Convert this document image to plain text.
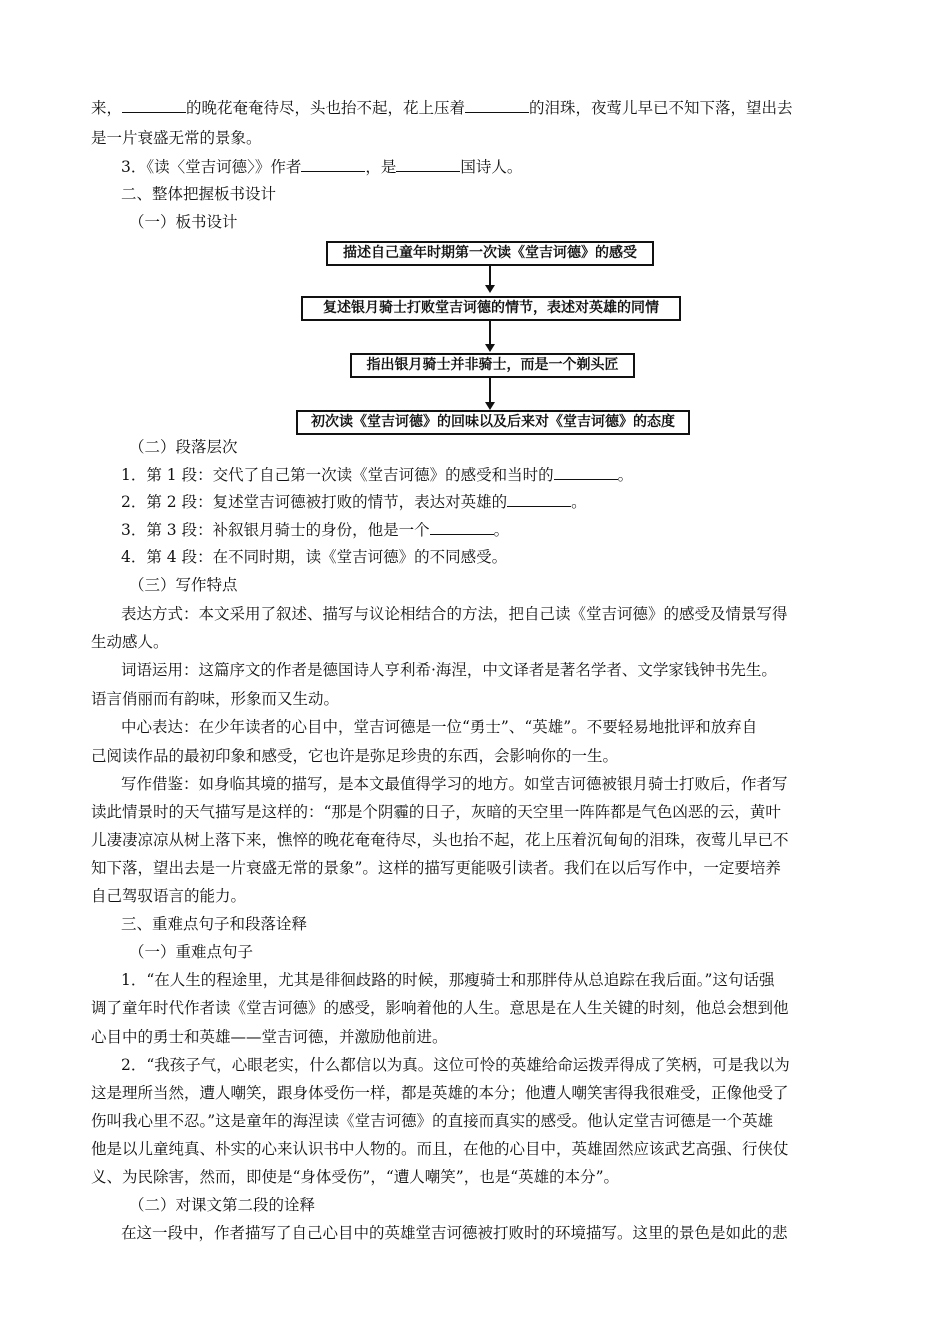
来，	的晚花奄奄待尽，头也抬不起，花上压着	的泪珠，夜莺儿早已不知下落，望出去
是一片衰盛无常的景象。
3．《读〈堂吉诃德〉》作者	，是	国诗人。
二、整体把握板书设计
（一）板书设计
描述自己童年时期第一次读《堂吉诃德》的感受
复述银月骑士打败堂吉诃德的情节，表述对英雄的同情
指出银月骑士并非骑士，而是一个剃头匠
初次读《堂吉诃德》的回味以及后来对《堂吉诃德》的态度
（二）段落层次
1．第 1 段：交代了自己第一次读《堂吉诃德》的感受和当时的	。
2．第 2 段：复述堂吉诃德被打败的情节，表达对英雄的	。
3．第 3 段：补叙银月骑士的身份，他是一个	。
4．第 4 段：在不同时期，读《堂吉诃德》的不同感受。
（三）写作特点
表达方式：本文采用了叙述、描写与议论相结合的方法，把自己读《堂吉诃德》的感受及情景写得
生动感人。
词语运用：这篇序文的作者是德国诗人亨利希·海涅，中文译者是著名学者、文学家钱钟书先生。
语言俏丽而有韵味，形象而又生动。
中心表达：在少年读者的心目中，堂吉诃德是一位“勇士”、“英雄”。不要轻易地批评和放弃自
己阅读作品的最初印象和感受，它也许是弥足珍贵的东西，会影响你的一生。
写作借鉴：如身临其境的描写，是本文最值得学习的地方。如堂吉诃德被银月骑士打败后，作者写
读此情景时的天气描写是这样的：“那是个阴霾的日子，灰暗的天空里一阵阵都是气色凶恶的云，黄叶
儿凄凄凉凉从树上落下来，憔悴的晚花奄奄待尽，头也抬不起，花上压着沉甸甸的泪珠，夜莺儿早已不
知下落，望出去是一片衰盛无常的景象”。这样的描写更能吸引读者。我们在以后写作中，一定要培养
自己驾驭语言的能力。
三、重难点句子和段落诠释
（一）重难点句子
1．“在人生的程途里，尤其是徘徊歧路的时候，那瘦骑士和那胖侍从总追踪在我后面。”这句话强
调了童年时代作者读《堂吉诃德》的感受，影响着他的人生。意思是在人生关键的时刻，他总会想到他
心目中的勇士和英雄——堂吉诃德，并激励他前进。
2．“我孩子气，心眼老实，什么都信以为真。这位可怜的英雄给命运拨弄得成了笑柄，可是我以为
这是理所当然，遭人嘲笑，跟身体受伤一样，都是英雄的本分；他遭人嘲笑害得我很难受，正像他受了
伤叫我心里不忍。”这是童年的海涅读《堂吉诃德》的直接而真实的感受。他认定堂吉诃德是一个英雄
他是以儿童纯真、朴实的心来认识书中人物的。而且，在他的心目中，英雄固然应该武艺高强、行侠仗
义、为民除害，然而，即使是“身体受伤”，“遭人嘲笑”，也是“英雄的本分”。
（二）对课文第二段的诠释
在这一段中，作者描写了自己心目中的英雄堂吉诃德被打败时的环境描写。这里的景色是如此的悲
